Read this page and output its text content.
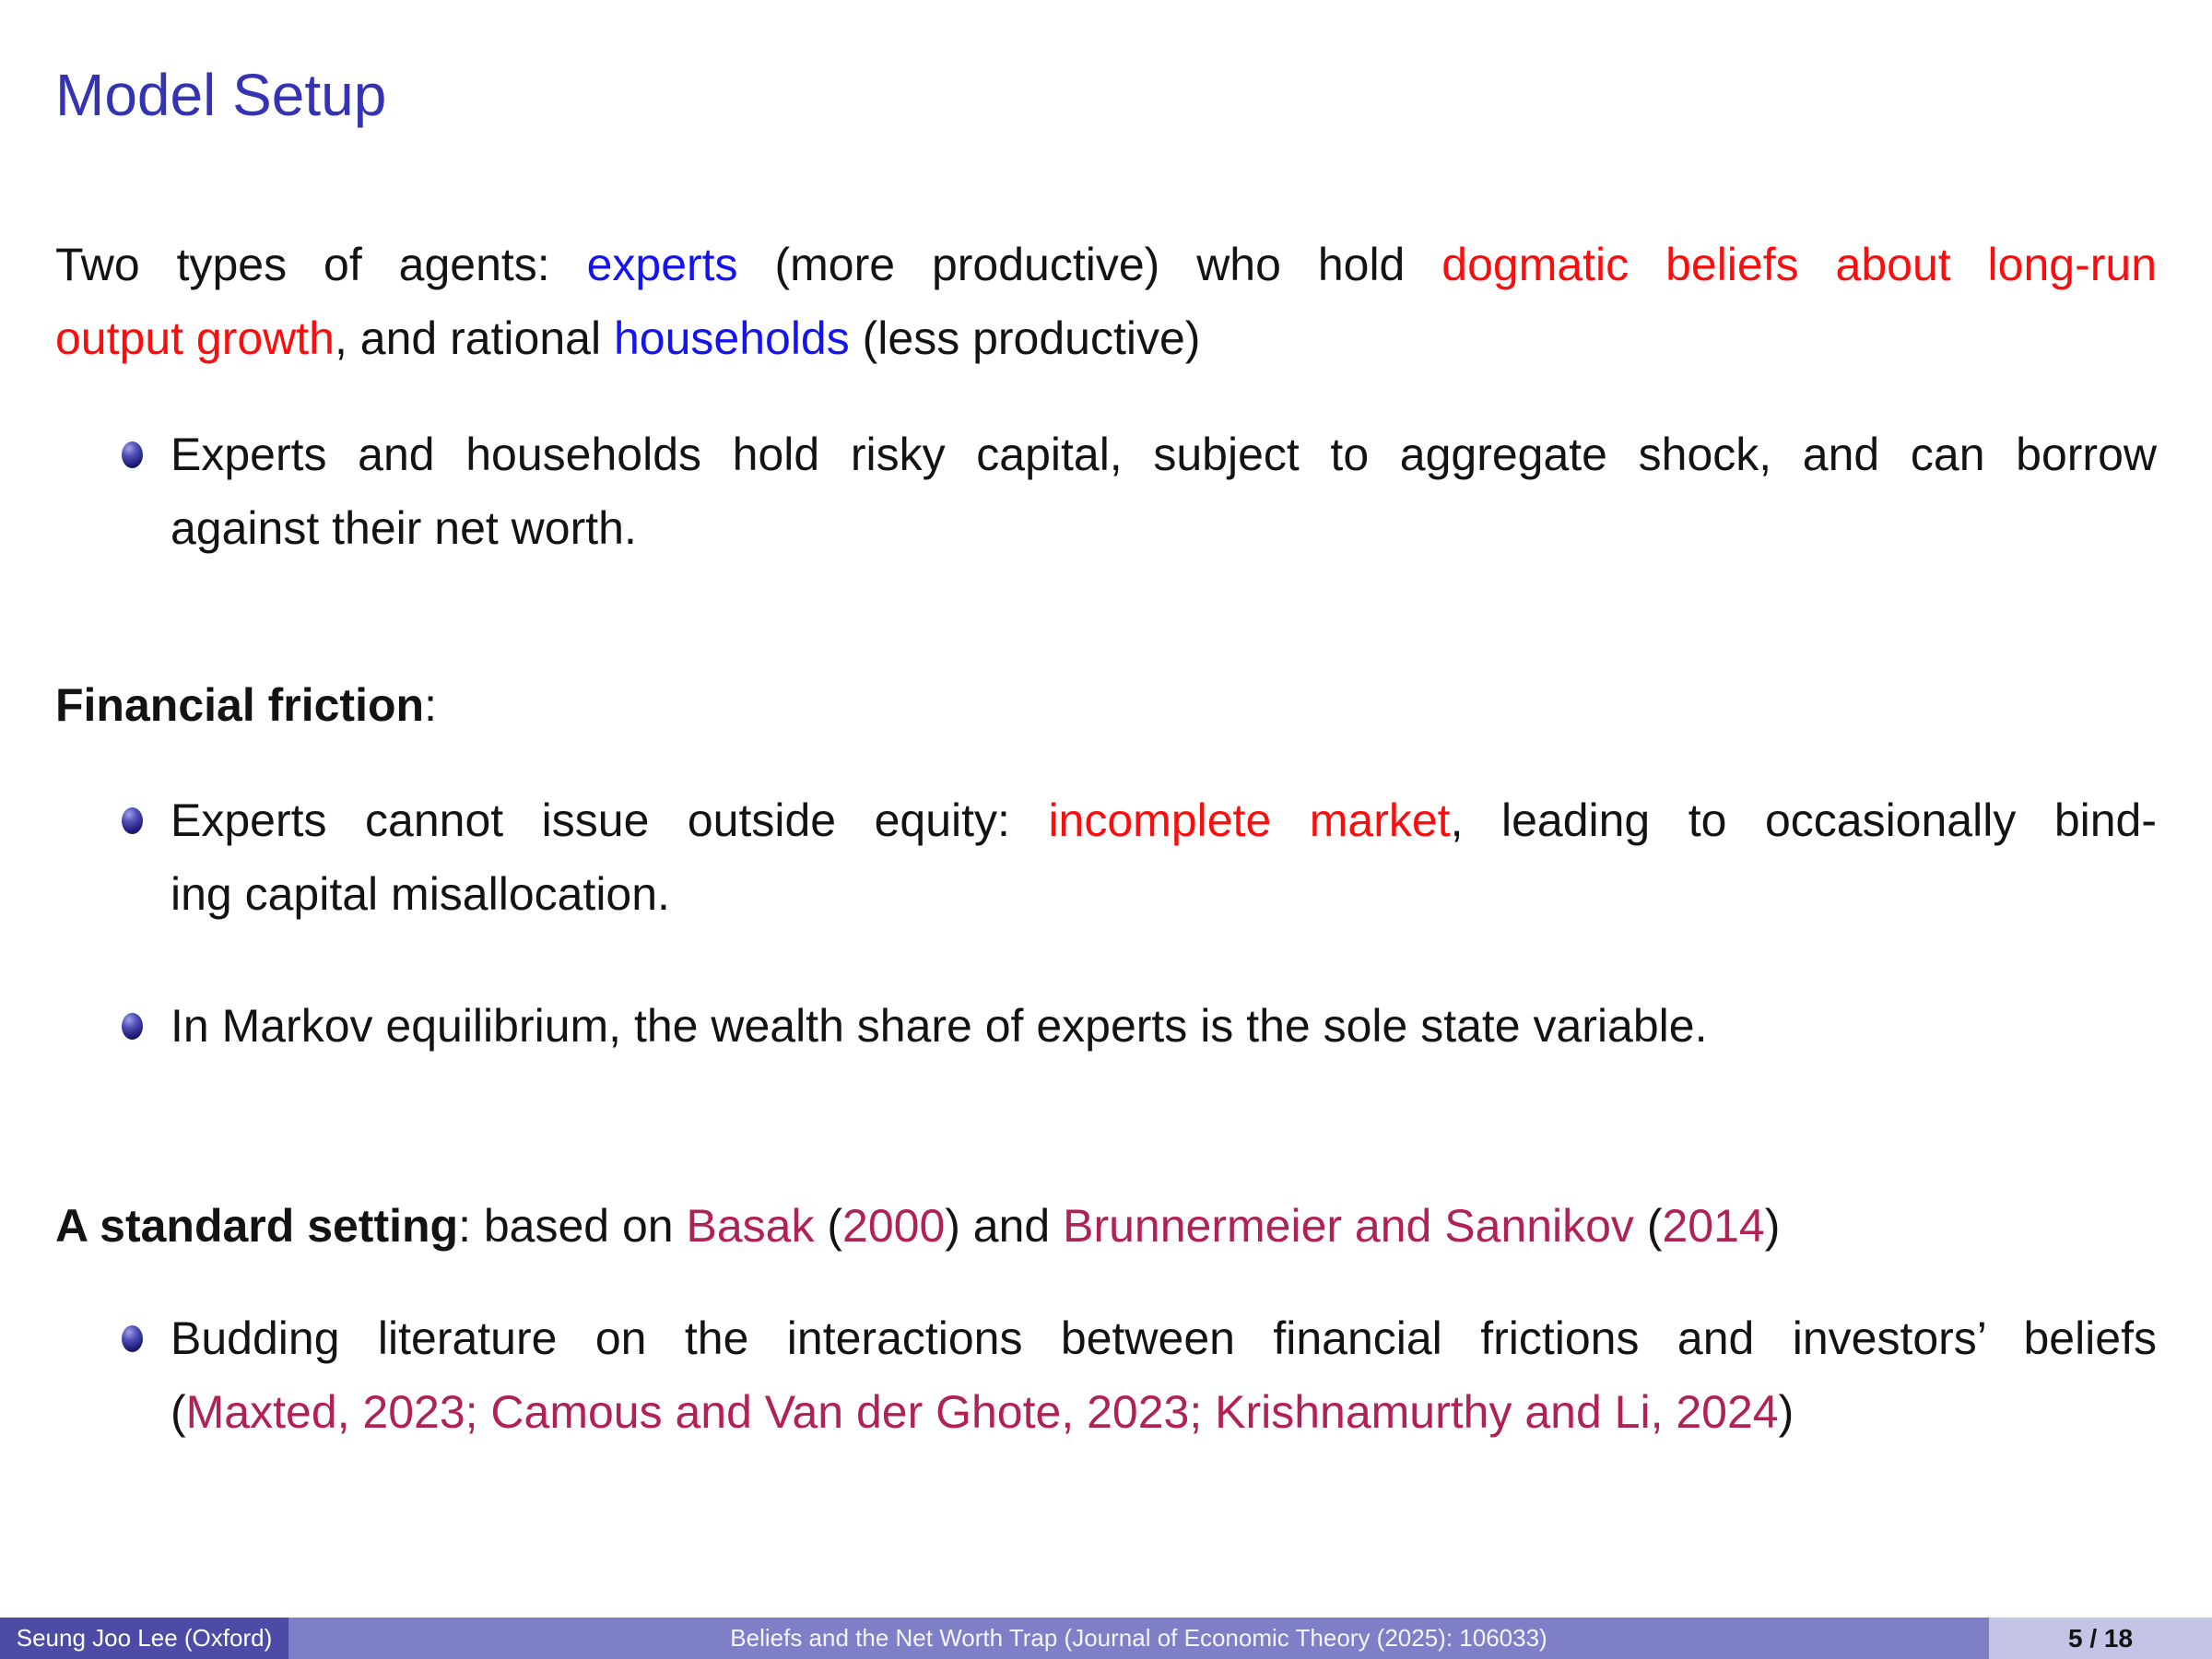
Model Setup
Two types of agents: experts (more productive) who hold dogmatic beliefs about long-run
output growth, and rational households (less productive)
Experts and households hold risky capital, subject to aggregate shock, and can borrow
against their net worth.
Financial friction:
Experts cannot issue outside equity: incomplete market, leading to occasionally bind-
ing capital misallocation.
In Markov equilibrium, the wealth share of experts is the sole state variable.
A standard setting: based on Basak (2000) and Brunnermeier and Sannikov (2014)
Budding literature on the interactions between financial frictions and investors’ beliefs
(Maxted, 2023; Camous and Van der Ghote, 2023; Krishnamurthy and Li, 2024)
Seung Joo Lee (Oxford)	Beliefs and the Net Worth Trap (Journal of Economic Theory (2025): 106033)	5 / 18
